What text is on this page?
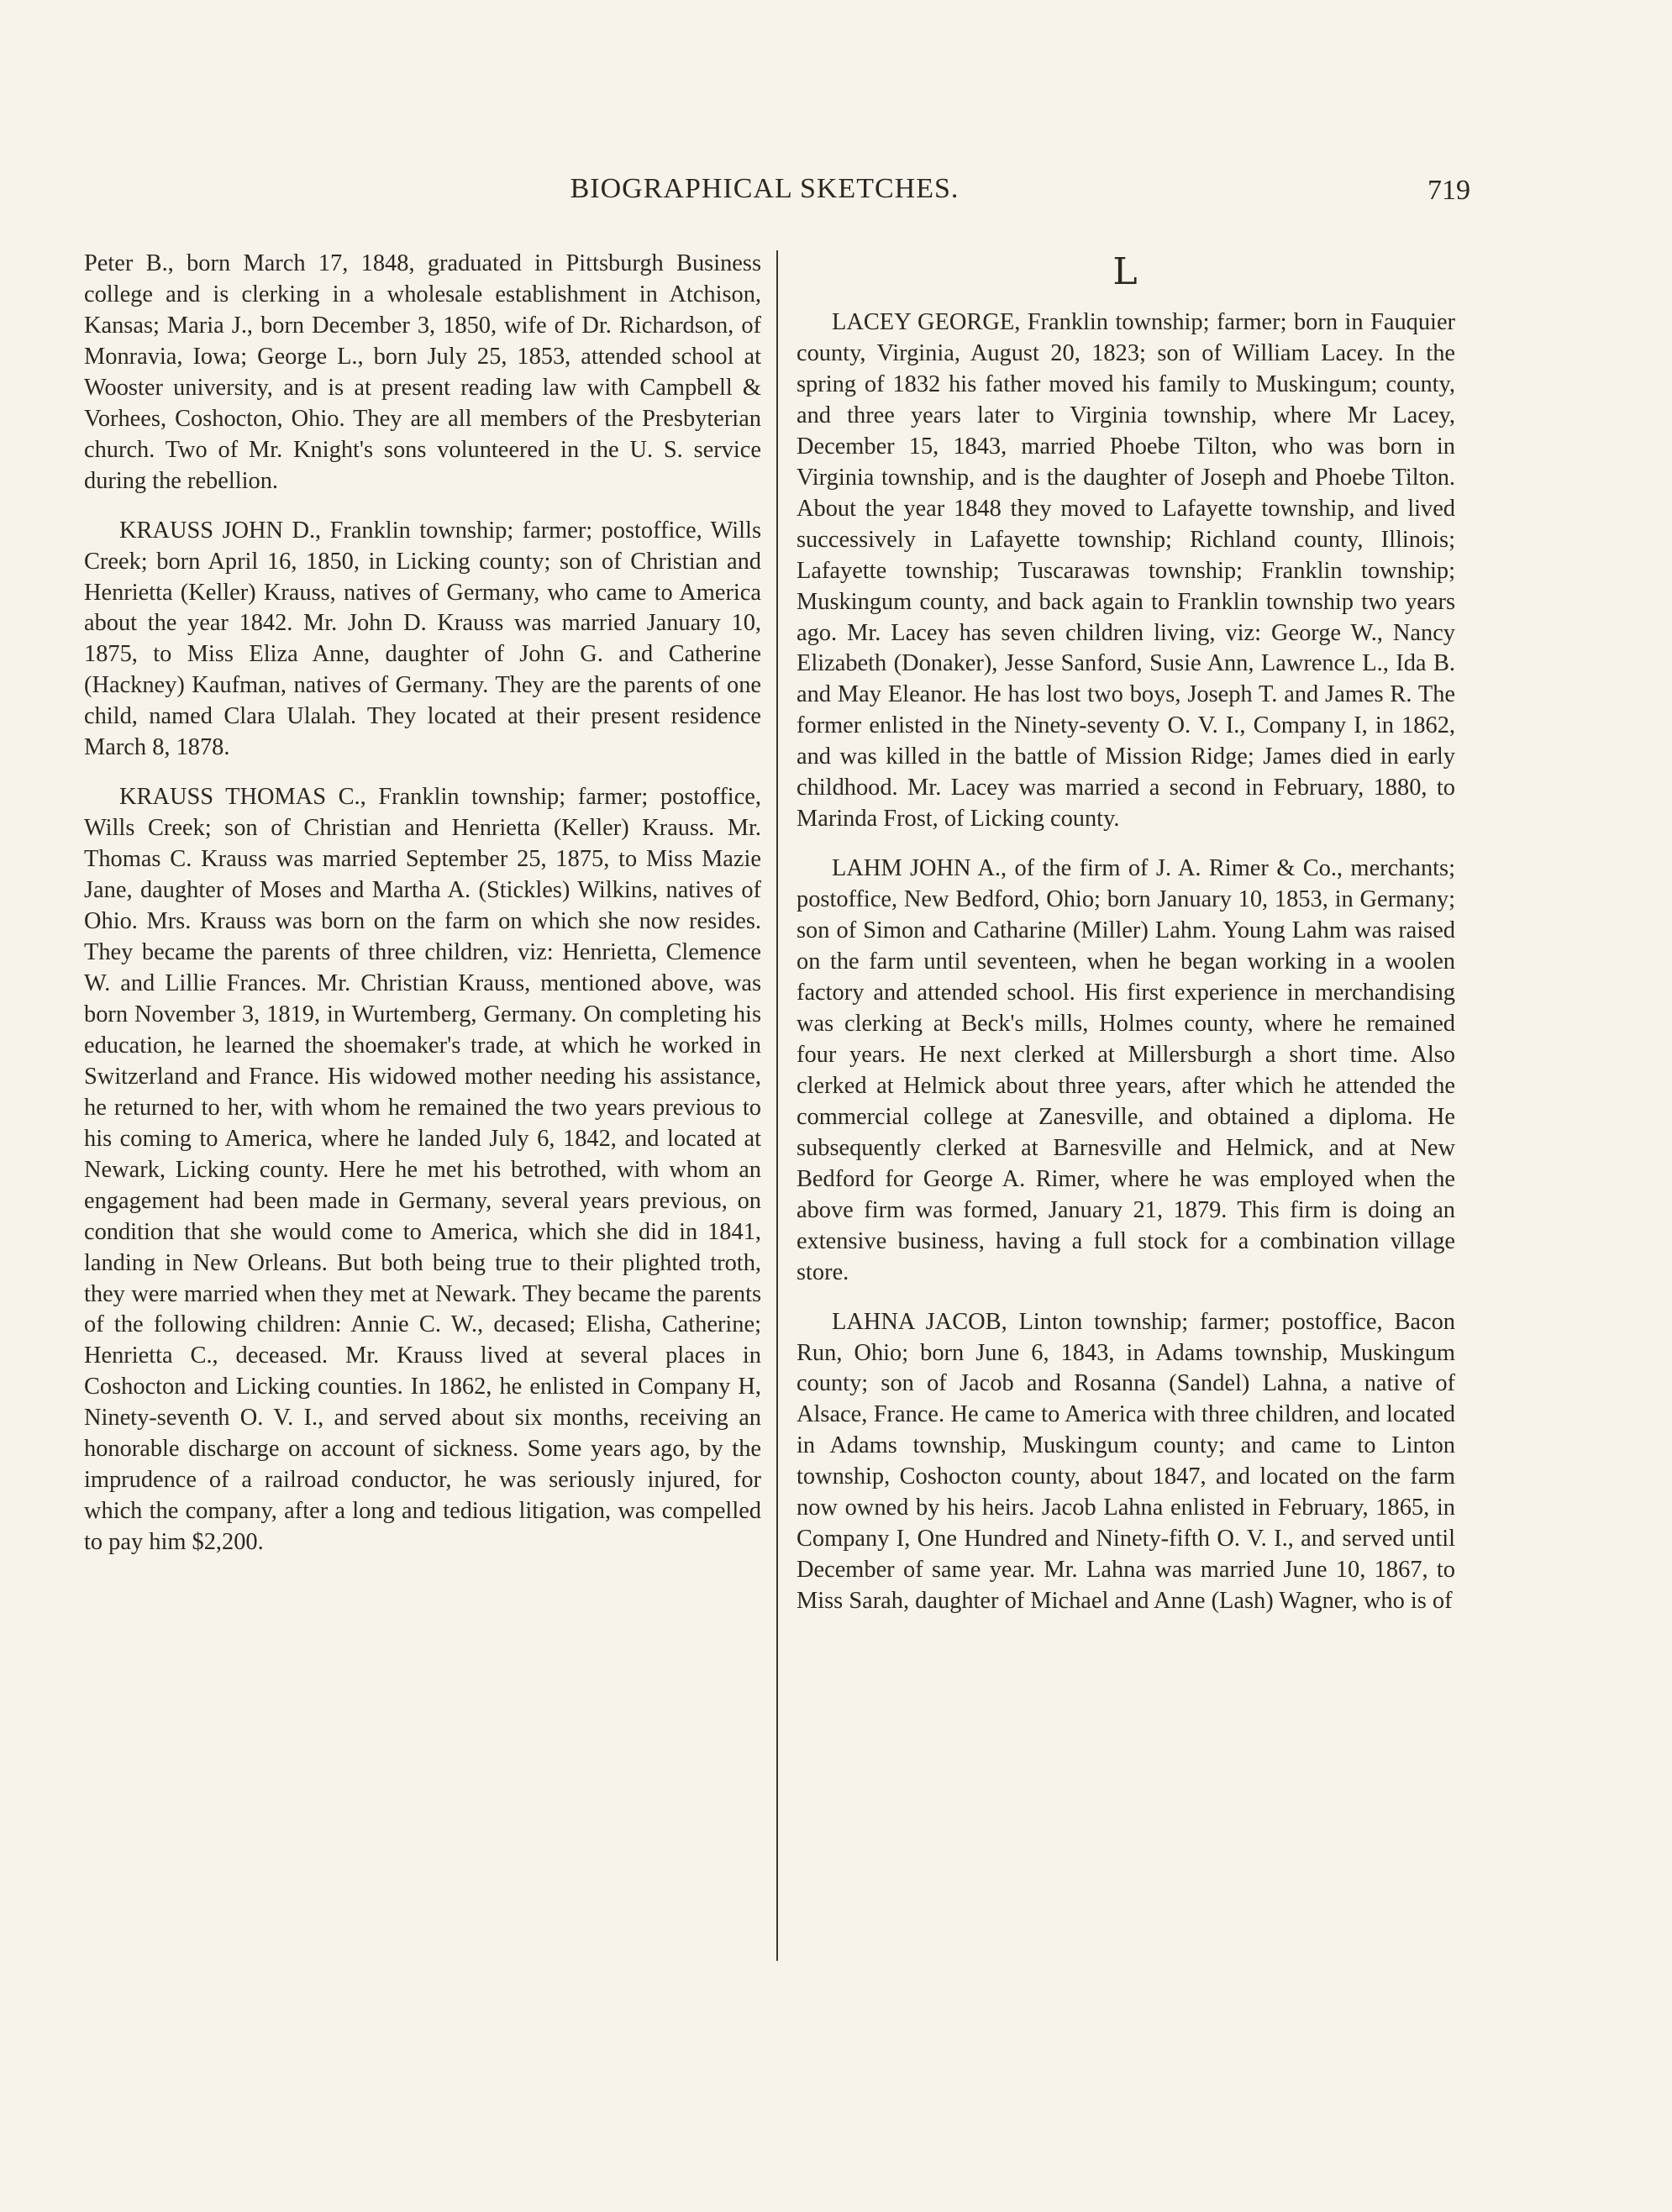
BIOGRAPHICAL SKETCHES.	719

Peter B., born March 17, 1848, graduated in Pittsburgh Business college and is clerking in a wholesale establishment in Atchison, Kansas; Maria J., born December 3, 1850, wife of Dr. Richardson, of Monravia, Iowa; George L., born July 25, 1853, attended school at Wooster university, and is at present reading law with Campbell & Vorhees, Coshocton, Ohio. They are all members of the Presbyterian church. Two of Mr. Knight's sons volunteered in the U. S. service during the rebellion.

KRAUSS JOHN D., Franklin township; farmer; postoffice, Wills Creek; born April 16, 1850, in Licking county; son of Christian and Henrietta (Keller) Krauss, natives of Germany, who came to America about the year 1842. Mr. John D. Krauss was married January 10, 1875, to Miss Eliza Anne, daughter of John G. and Catherine (Hackney) Kaufman, natives of Germany. They are the parents of one child, named Clara Ulalah. They located at their present residence March 8, 1878.

KRAUSS THOMAS C., Franklin township; farmer; postoffice, Wills Creek; son of Christian and Henrietta (Keller) Krauss. Mr. Thomas C. Krauss was married September 25, 1875, to Miss Mazie Jane, daughter of Moses and Martha A. (Stickles) Wilkins, natives of Ohio. Mrs. Krauss was born on the farm on which she now resides. They became the parents of three children, viz: Henrietta, Clemence W. and Lillie Frances. Mr. Christian Krauss, mentioned above, was born November 3, 1819, in Wurtemberg, Germany. On completing his education, he learned the shoemaker's trade, at which he worked in Switzerland and France. His widowed mother needing his assistance, he returned to her, with whom he remained the two years previous to his coming to America, where he landed July 6, 1842, and located at Newark, Licking county. Here he met his betrothed, with whom an engagement had been made in Germany, several years previous, on condition that she would come to America, which she did in 1841, landing in New Orleans. But both being true to their plighted troth, they were married when they met at Newark. They became the parents of the following children: Annie C. W., decased; Elisha, Catherine; Henrietta C., deceased. Mr. Krauss lived at several places in Coshocton and Licking counties. In 1862, he enlisted in Company H, Ninety-seventh O. V. I., and served about six months, receiving an honorable discharge on account of sickness. Some years ago, by the imprudence of a railroad conductor, he was seriously injured, for which the company, after a long and tedious litigation, was compelled to pay him $2,200.

L

LACEY GEORGE, Franklin township; farmer; born in Fauquier county, Virginia, August 20, 1823; son of William Lacey. In the spring of 1832 his father moved his family to Muskingum; county, and three years later to Virginia township, where Mr Lacey, December 15, 1843, married Phoebe Tilton, who was born in Virginia township, and is the daughter of Joseph and Phoebe Tilton. About the year 1848 they moved to Lafayette township, and lived successively in Lafayette township; Richland county, Illinois; Lafayette township; Tuscarawas township; Franklin township; Muskingum county, and back again to Franklin township two years ago. Mr. Lacey has seven children living, viz: George W., Nancy Elizabeth (Donaker), Jesse Sanford, Susie Ann, Lawrence L., Ida B. and May Eleanor. He has lost two boys, Joseph T. and James R. The former enlisted in the Ninety-seventy O. V. I., Company I, in 1862, and was killed in the battle of Mission Ridge; James died in early childhood. Mr. Lacey was married a second in February, 1880, to Marinda Frost, of Licking county.

LAHM JOHN A., of the firm of J. A. Rimer & Co., merchants; postoffice, New Bedford, Ohio; born January 10, 1853, in Germany; son of Simon and Catharine (Miller) Lahm. Young Lahm was raised on the farm until seventeen, when he began working in a woolen factory and attended school. His first experience in merchandising was clerking at Beck's mills, Holmes county, where he remained four years. He next clerked at Millersburgh a short time. Also clerked at Helmick about three years, after which he attended the commercial college at Zanesville, and obtained a diploma. He subsequently clerked at Barnesville and Helmick, and at New Bedford for George A. Rimer, where he was employed when the above firm was formed, January 21, 1879. This firm is doing an extensive business, having a full stock for a combination village store.

LAHNA JACOB, Linton township; farmer; postoffice, Bacon Run, Ohio; born June 6, 1843, in Adams township, Muskingum county; son of Jacob and Rosanna (Sandel) Lahna, a native of Alsace, France. He came to America with three children, and located in Adams township, Muskingum county; and came to Linton township, Coshocton county, about 1847, and located on the farm now owned by his heirs. Jacob Lahna enlisted in February, 1865, in Company I, One Hundred and Ninety-fifth O. V. I., and served until December of same year. Mr. Lahna was married June 10, 1867, to Miss Sarah, daughter of Michael and Anne (Lash) Wagner, who is of
